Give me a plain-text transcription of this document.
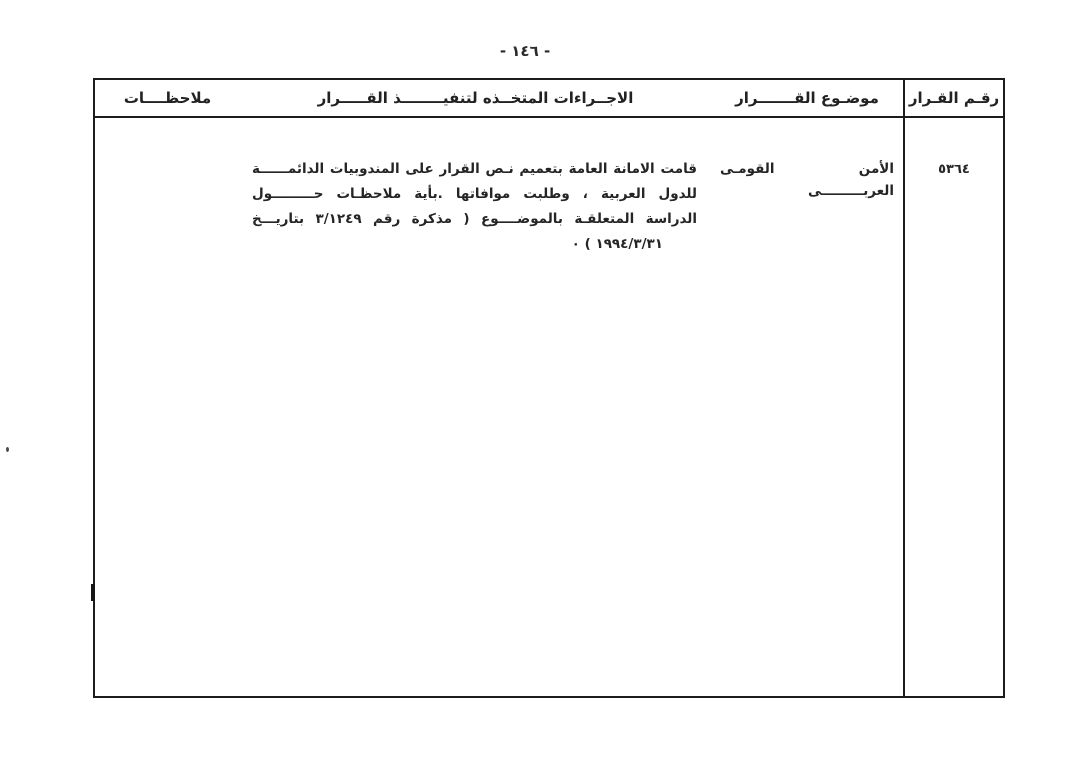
- ١٤٦ -
رقـم القـرار
٥٣٦٤
موضـوع القـــــــرار
الأمن القومـى العربـــــــــى
الاجــراءات المتخــذه لتنفيــــــــذ القـــــرار
قامت الامانة العامة بتعميم نـص القرار على المندوبيات الدائمــــــة
للدول العربية ، وطلبت موافاتها .بأية ملاحظـات حـــــــــول
الدراسة المتعلقـة بالموضــــوع ( مذكرة رقم ٣/١٢٤٩ بتاريـــخ
١٩٩٤/٣/٣١ ) ٠
ملاحظــــات
